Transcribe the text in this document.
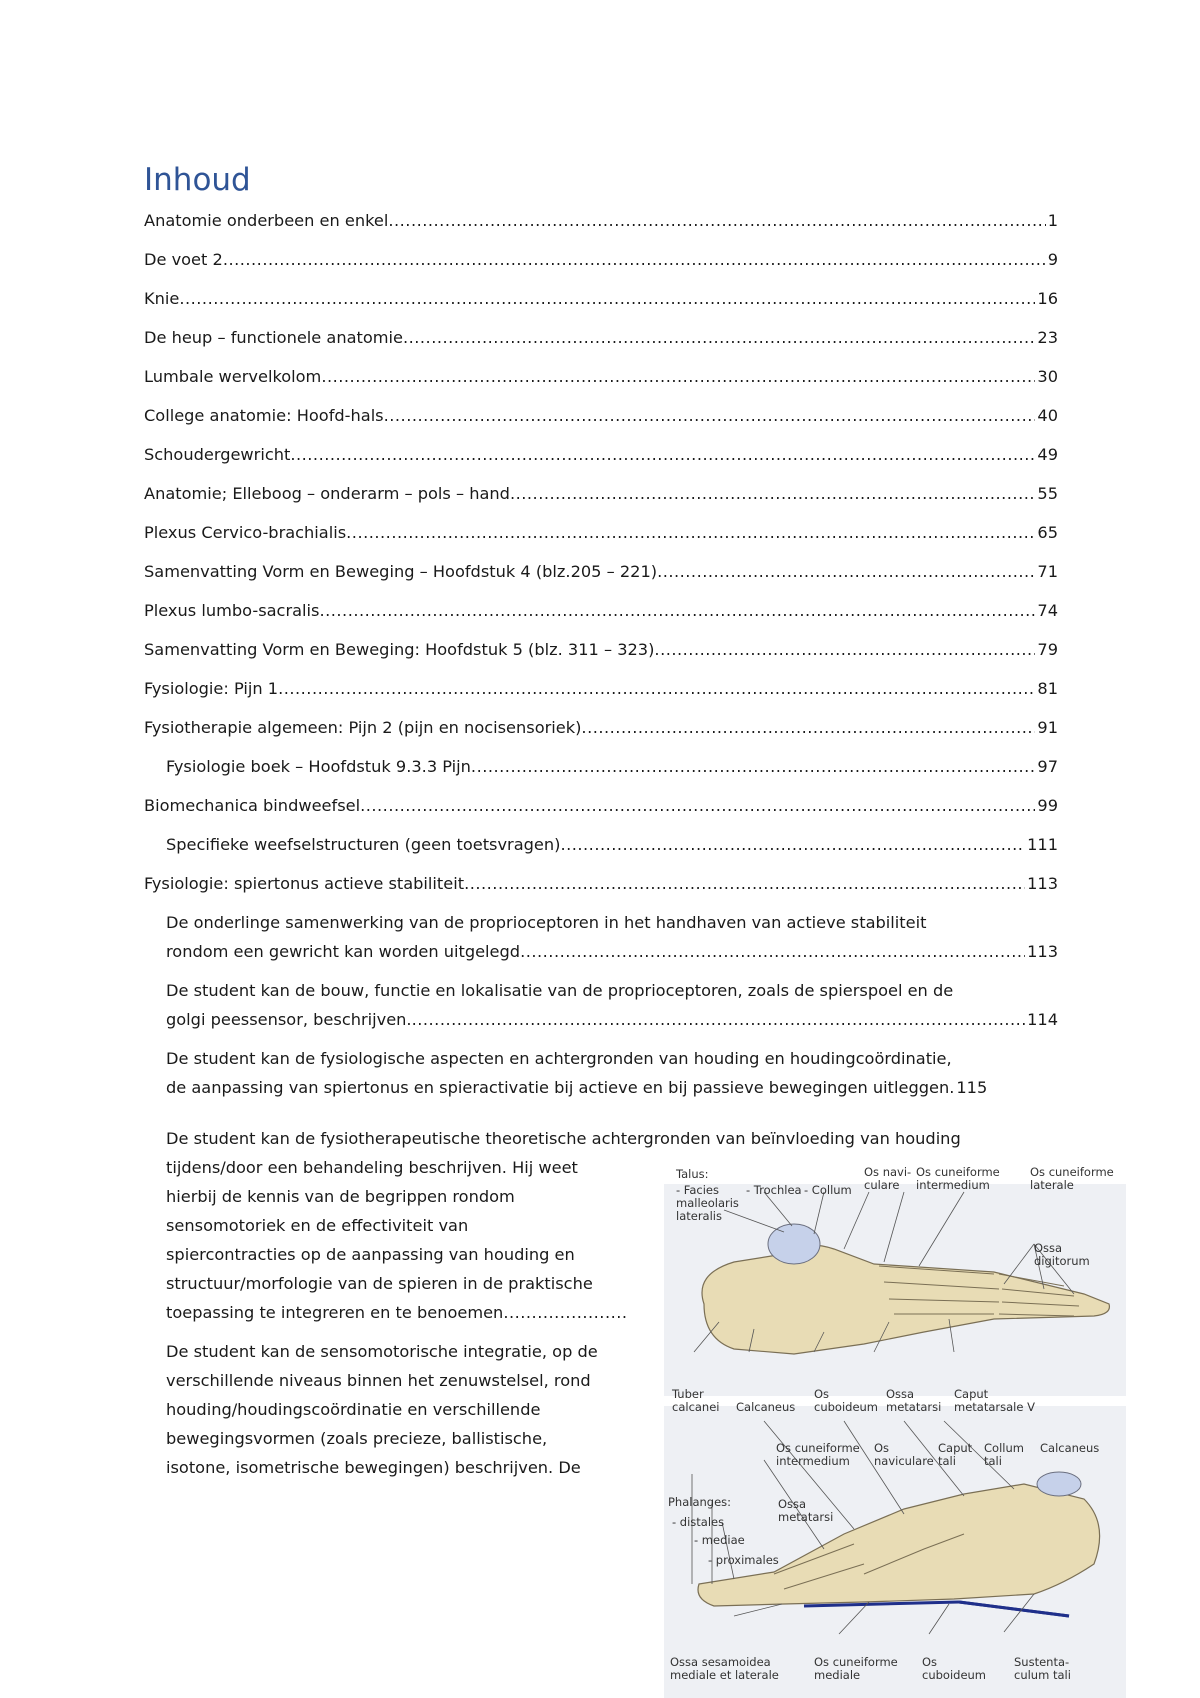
Inhoud
Anatomie onderbeen en enkel .....	1
De voet 2 .....	9
Knie .....	16
De heup – functionele anatomie .....	23
Lumbale wervelkolom .....	30
College anatomie: Hoofd-hals .....	40
Schoudergewricht .....	49
Anatomie; Elleboog – onderarm – pols – hand .....	55
Plexus Cervico-brachialis .....	65
Samenvatting Vorm en Beweging – Hoofdstuk 4 (blz.205 – 221) .....	71
Plexus lumbo-sacralis .....	74
Samenvatting Vorm en Beweging: Hoofdstuk 5 (blz. 311 – 323) .....	79
Fysiologie: Pijn 1 .....	81
Fysiotherapie algemeen: Pijn 2 (pijn en nocisensoriek) .....	91
Fysiologie boek – Hoofdstuk 9.3.3 Pijn .....	97
Biomechanica bindweefsel .....	99
Specifieke weefselstructuren (geen toetsvragen) .....	111
Fysiologie: spiertonus actieve stabiliteit .....	113
De onderlinge samenwerking van de proprioceptoren in het handhaven van actieve stabiliteit
rondom een gewricht kan worden uitgelegd .....	113
De student kan de bouw, functie en lokalisatie van de proprioceptoren, zoals de spierspoel en de
golgi peessensor, beschrijven. .....	114
De student kan de fysiologische aspecten en achtergronden van houding en houdingcoördinatie,
de aanpassing van spiertonus en spieractivatie bij actieve en bij passieve bewegingen uitleggen. 115
De student kan de fysiotherapeutische theoretische achtergronden van beïnvloeding van houding
tijdens/door een behandeling beschrijven. Hij weet
hierbij de kennis van de begrippen rondom
sensomotoriek en de effectiviteit van
spiercontracties op de aanpassing van houding en
structuur/morfologie van de spieren in de praktische
toepassing te integreren en te benoemen......................
De student kan de sensomotorische integratie, op de
verschillende niveaus binnen het zenuwstelsel, rond
houding/houdingscoördinatie en verschillende
bewegingsvormen (zoals precieze, ballistische,
isotone, isometrische bewegingen) beschrijven. De
Talus:
- Facies
malleolaris
lateralis
- Trochlea - Collum
Os navi-
culare
Os cuneiforme
intermedium
Os cuneiforme
laterale
Ossa
digitorum
Tuber
calcanei Calcaneus
Os
cuboideum
Ossa
metatarsi
Caput
metatarsale V
Os cuneiforme
intermedium
Os
naviculare
Caput
tali
Collum
tali
Calcaneus
Phalanges:
- distales
- mediae
- proximales
Ossa
metatarsi
Ossa sesamoidea
mediale et laterale
Os cuneiforme
mediale
Os
cuboideum
Sustenta-
culum tali
